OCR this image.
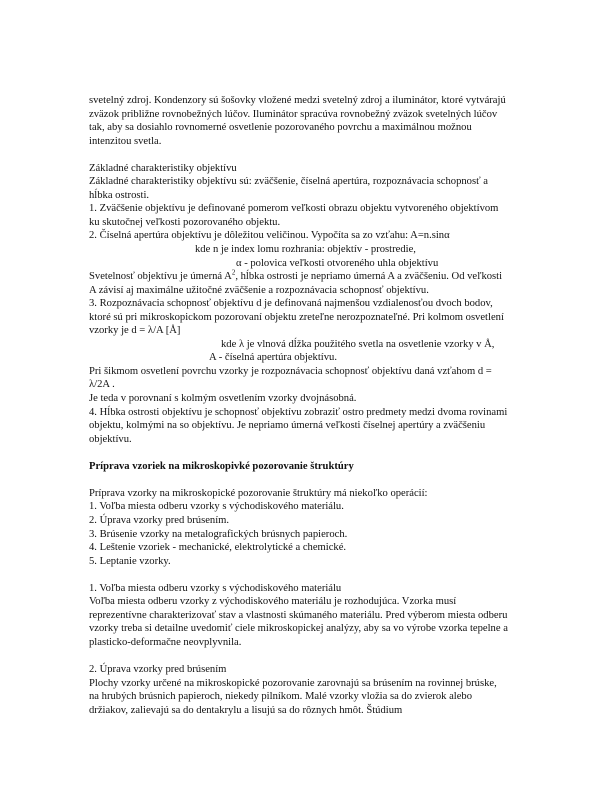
svetelný zdroj. Kondenzory sú šošovky vložené medzi svetelný zdroj a iluminátor, ktoré vytvárajú zväzok približne rovnobežných lúčov. Iluminátor spracúva rovnobežný zväzok svetelných lúčov tak, aby sa dosiahlo rovnomerné osvetlenie pozorovaného povrchu a maximálnou možnou intenzitou svetla.

Základné charakteristiky objektívu

Základné charakteristiky objektívu sú: zväčšenie, číselná apertúra, rozpoznávacia schopnosť a hĺbka ostrosti.

1. Zväčšenie objektívu je definované pomerom veľkosti obrazu objektu vytvoreného objektívom ku skutočnej veľkosti pozorovaného objektu.

2. Číselná apertúra objektívu je dôležitou veličinou. Vypočíta sa zo vzťahu: A=n.sinα

kde n je index lomu rozhrania: objektív - prostredie,

α - polovica veľkosti otvoreného uhla objektívu

Svetelnosť objektívu je úmerná $A^2$, hĺbka ostrosti je nepriamo úmerná A a zväčšeniu. Od veľkosti A závisí aj maximálne užitočné zväčšenie a rozpoznávacia schopnosť objektívu.

3. Rozpoznávacia schopnosť objektívu d je definovaná najmenšou vzdialenosťou dvoch bodov, ktoré sú pri mikroskopickom pozorovaní objektu zreteľne nerozpoznateľné. Pri kolmom osvetlení vzorky je d = λ/A [Å]

kde λ je vlnová dĺžka použitého svetla na osvetlenie vzorky v Å,

A - číselná apertúra objektívu.

Pri šikmom osvetlení povrchu vzorky je rozpoznávacia schopnosť objektívu daná vzťahom d = λ/2A .

Je teda v porovnaní s kolmým osvetlením vzorky dvojnásobná.

4. Hĺbka ostrosti objektívu je schopnosť objektívu zobraziť ostro predmety medzi dvoma rovinami objektu, kolmými na so objektívu. Je nepriamo úmerná veľkosti číselnej apertúry a zväčšeniu objektívu.

Príprava vzoriek na mikroskopivké pozorovanie štruktúry

Príprava vzorky na mikroskopické pozorovanie štruktúry má niekoľko operácií:

1. Voľba miesta odberu vzorky s východiskového materiálu.

2. Úprava vzorky pred brúsením.

3. Brúsenie vzorky na metalografických brúsnych papieroch.

4. Leštenie vzoriek - mechanické, elektrolytické a chemické.

5. Leptanie vzorky.

1. Voľba miesta odberu vzorky s východiskového materiálu

Voľba miesta odberu vzorky z východiskového materiálu je rozhodujúca. Vzorka musí reprezentívne charakterizovať stav a vlastnosti skúmaného materiálu. Pred výberom miesta odberu vzorky treba si detailne uvedomiť ciele mikroskopickej analýzy, aby sa vo výrobe vzorka tepelne a plasticko-deformačne neovplyvnila.

2. Úprava vzorky pred brúsením

Plochy vzorky určené na mikroskopické pozorovanie zarovnajú sa brúsením na rovinnej brúske, na hrubých brúsnich papieroch, niekedy pilníkom. Malé vzorky vložia sa do zvierok alebo držiakov, zalievajú sa do dentakrylu a lisujú sa do rôznych hmôt. Štúdium
